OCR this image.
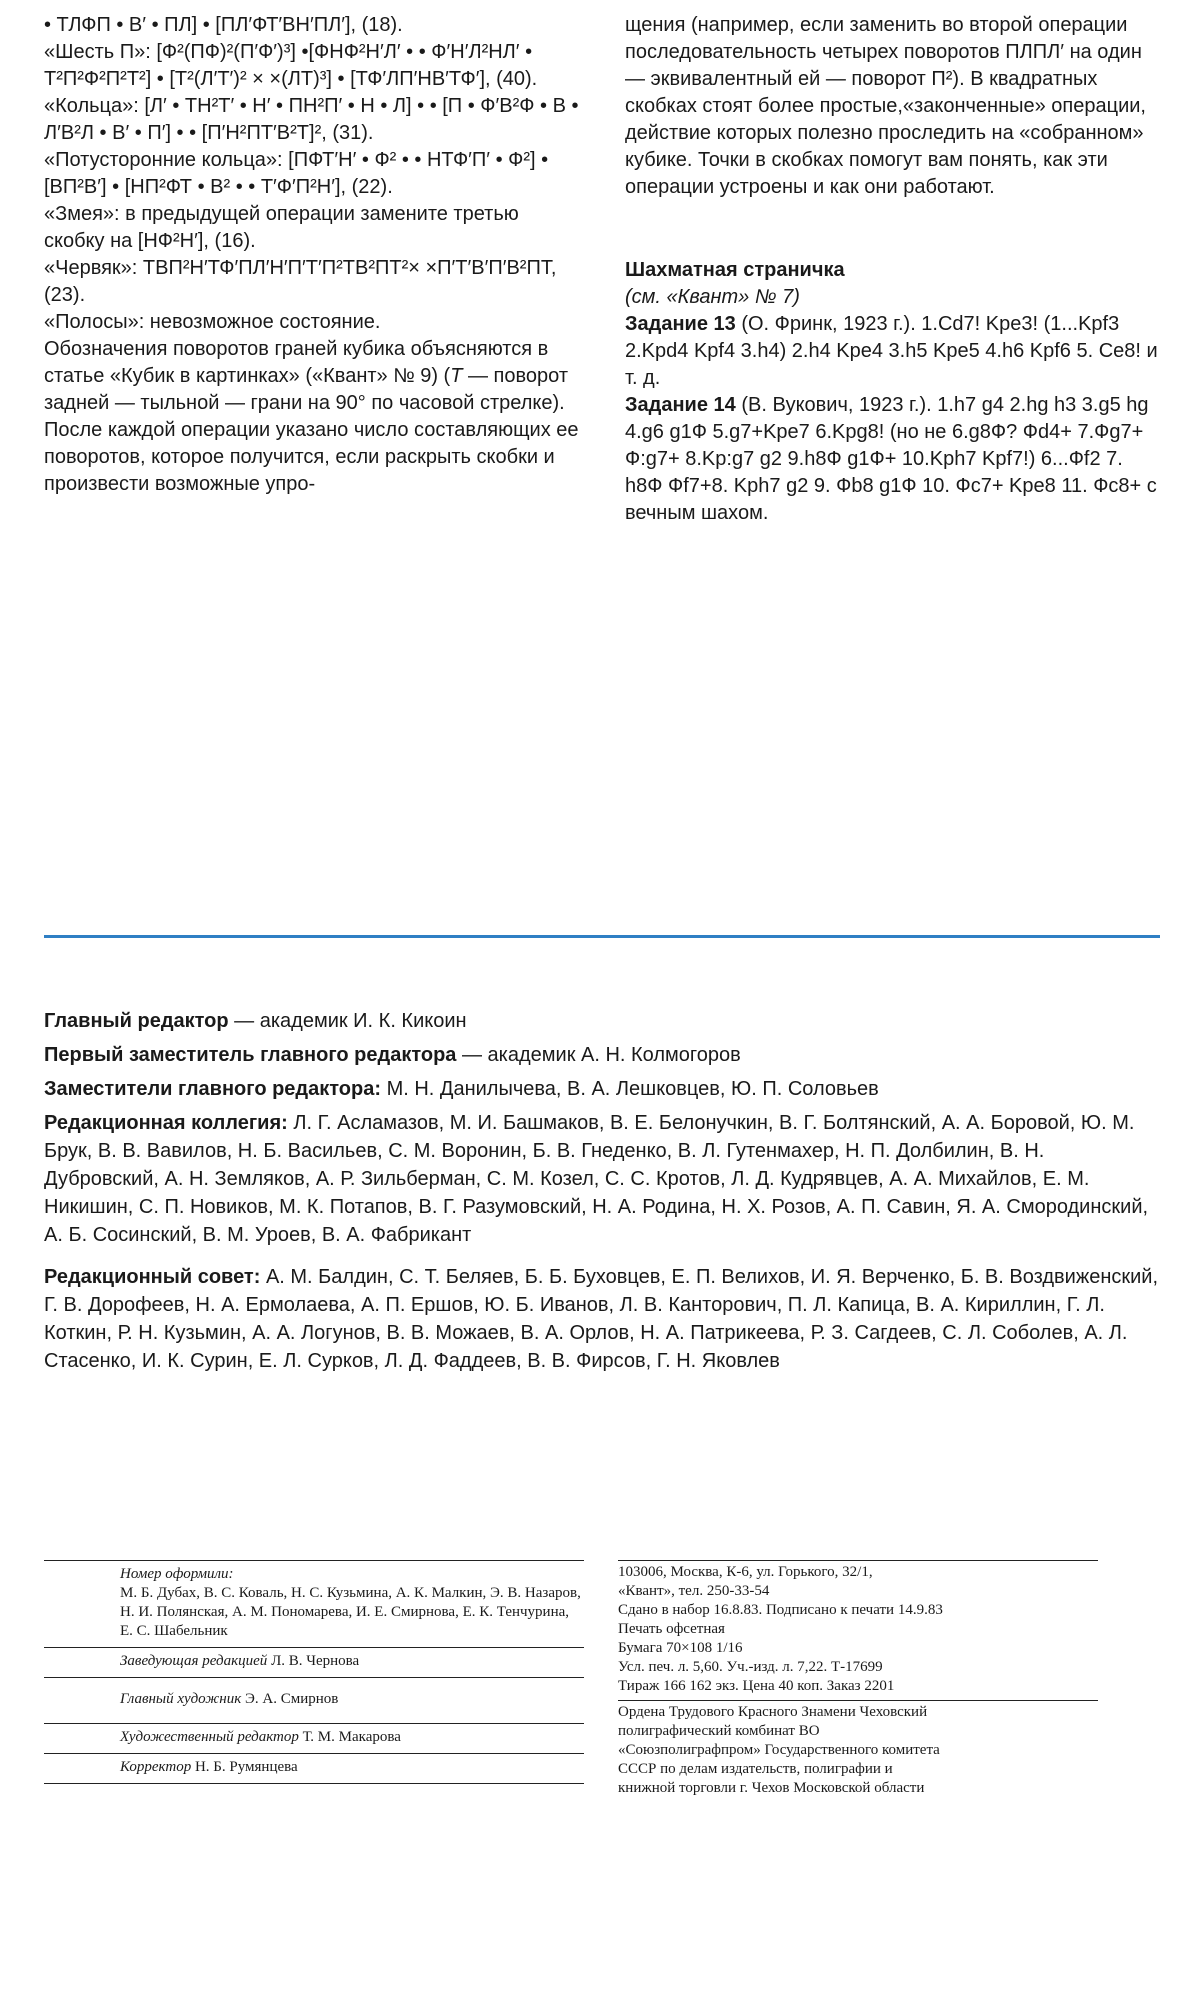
• ТЛФП • В′ • ПЛ] • [ПЛ′ФТ′ВН′ПЛ′], (18).

«Шесть П»: [Ф²(ПФ)²(П′Ф′)³] •[ФНФ²Н′Л′ • • Ф′Н′Л²НЛ′ • Т²П²Ф²П²Т²] • [Т²(Л′Т′)² × ×(ЛТ)³] • [ТФ′ЛП′НВ′ТФ′], (40).

«Кольца»: [Л′ • ТН²Т′ • Н′ • ПН²П′ • Н • Л] • • [П • Ф′В²Ф • В • Л′В²Л • В′ • П′] • • [П′Н²ПТ′В²Т]², (31).

«Потусторонние кольца»: [ПФТ′Н′ • Ф² • • НТФ′П′ • Ф²] • [ВП²В′] • [НП²ФТ • В² • • Т′Ф′П²Н′], (22).

«Змея»: в предыдущей операции замените третью скобку на [НФ²Н′], (16).

«Червяк»: ТВП²Н′ТФ′ПЛ′Н′П′Т′П²ТВ²ПТ²× ×П′Т′В′П′В²ПТ, (23).

«Полосы»: невозможное состояние.

Обозначения поворотов граней кубика объясняются в статье «Кубик в картинках» («Квант» № 9) (Т — поворот задней — тыльной — грани на 90° по часовой стрелке). После каждой операции указано число составляющих ее поворотов, которое получится, если раскрыть скобки и произвести возможные упро-

щения (например, если заменить во второй операции последовательность четырех поворотов ПЛПЛ′ на один — эквивалентный ей — поворот П²). В квадратных скобках стоят более простые,«законченные» операции, действие которых полезно проследить на «собранном» кубике. Точки в скобках помогут вам понять, как эти операции устроены и как они работают.

Шахматная страничка

(см. «Квант» № 7)

Задание 13 (О. Фринк, 1923 г.). 1.Cd7! Kpe3! (1...Kpf3 2.Kpd4 Kpf4 3.h4) 2.h4 Kpe4 3.h5 Kpe5 4.h6 Kpf6 5. Ce8! и т. д.

Задание 14 (В. Вукович, 1923 г.). 1.h7 g4 2.hg h3 3.g5 hg 4.g6 g1Ф 5.g7+Kpe7 6.Kpg8! (но не 6.g8Ф? Фd4+ 7.Фg7+ Ф:g7+ 8.Kp:g7 g2 9.h8Ф g1Ф+ 10.Kph7 Kpf7!) 6...Фf2 7. h8Ф Фf7+8. Kph7 g2 9. Фb8 g1Ф 10. Фc7+ Kpe8 11. Фc8+ с вечным шахом.

Главный редактор — академик И. К. Кикоин

Первый заместитель главного редактора — академик А. Н. Колмогоров

Заместители главного редактора: М. Н. Данилычева, В. А. Лешковцев, Ю. П. Соловьев

Редакционная коллегия: Л. Г. Асламазов, М. И. Башмаков, В. Е. Белонучкин, В. Г. Болтянский, А. А. Боровой, Ю. М. Брук, В. В. Вавилов, Н. Б. Васильев, С. М. Воронин, Б. В. Гнеденко, В. Л. Гутенмахер, Н. П. Долбилин, В. Н. Дубровский, А. Н. Земляков, А. Р. Зильберман, С. М. Козел, С. С. Кротов, Л. Д. Кудрявцев, А. А. Михайлов, Е. М. Никишин, С. П. Новиков, М. К. Потапов, В. Г. Разумовский, Н. А. Родина, Н. Х. Розов, А. П. Савин, Я. А. Смородинский, А. Б. Сосинский, В. М. Уроев, В. А. Фабрикант

Редакционный совет: А. М. Балдин, С. Т. Беляев, Б. Б. Буховцев, Е. П. Велихов, И. Я. Верченко, Б. В. Воздвиженский, Г. В. Дорофеев, Н. А. Ермолаева, А. П. Ершов, Ю. Б. Иванов, Л. В. Канторович, П. Л. Капица, В. А. Кириллин, Г. Л. Коткин, Р. Н. Кузьмин, А. А. Логунов, В. В. Можаев, В. А. Орлов, Н. А. Патрикеева, Р. З. Сагдеев, С. Л. Соболев, А. Л. Стасенко, И. К. Сурин, Е. Л. Сурков, Л. Д. Фаддеев, В. В. Фирсов, Г. Н. Яковлев

Номер оформили:
М. Б. Дубах, В. С. Коваль, Н. С. Кузьмина, А. К. Малкин, Э. В. Назаров, Н. И. Полянская, А. М. Пономарева, И. Е. Смирнова, Е. К. Тенчурина, Е. С. Шабельник
Заведующая редакцией Л. В. Чернова
Главный художник Э. А. Смирнов
Художественный редактор Т. М. Макарова
Корректор Н. Б. Румянцева
103006, Москва, К-6, ул. Горького, 32/1,
«Квант», тел. 250-33-54
Сдано в набор 16.8.83. Подписано к печати 14.9.83
Печать офсетная
Бумага 70×108 1/16
Усл. печ. л. 5,60. Уч.-изд. л. 7,22. Т-17699
Тираж 166 162 экз. Цена 40 коп. Заказ 2201
Ордена Трудового Красного Знамени Чеховский полиграфический комбинат ВО «Союзполиграфпром» Государственного комитета СССР по делам издательств, полиграфии и книжной торговли г. Чехов Московской области
